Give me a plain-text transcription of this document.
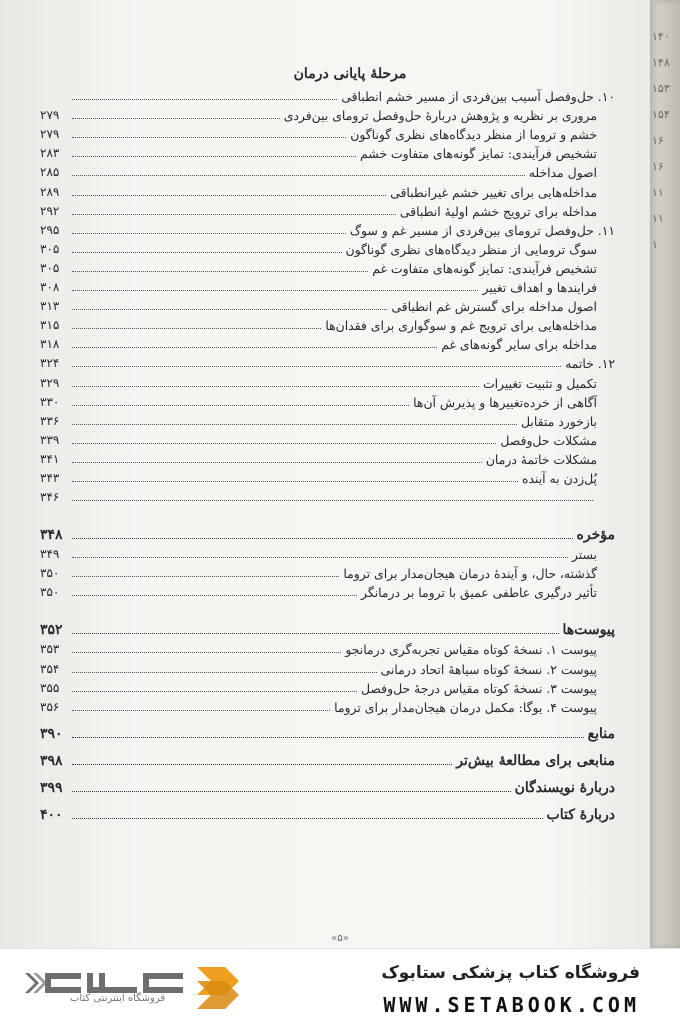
۱۴۰
۱۴۸
۱۵۳
۱۵۴
۱۶
۱۶
۱۱
۱۱
۱
مرحلهٔ پایانی درمان
۱۰. حل‌وفصل آسیب بین‌فردی از مسیر خشم انطباقی
مروری بر نظریه و پژوهش دربارهٔ حل‌وفصل ترومای بین‌فردی
۲۷۹
خشم و تروما از منظر دیدگاه‌های نظری گوناگون
۲۷۹
تشخیص فرآیندی: تمایز گونه‌های متفاوت خشم
۲۸۳
اصول مداخله
۲۸۵
مداخله‌هایی برای تغییر خشم غیرانطباقی
۲۸۹
مداخله برای ترویج خشم اولیهٔ انطباقی
۲۹۲
۱۱. حل‌وفصل ترومای بین‌فردی از مسیر غم و سوگ
۲۹۵
سوگ ترومایی از منظر دیدگاه‌های نظری گوناگون
۳۰۵
تشخیص فرآیندی: تمایز گونه‌های متفاوت غم
۳۰۵
فرایندها و اهداف تغییر
۳۰۸
اصول مداخله برای گسترش غم انطباقی
۳۱۳
مداخله‌هایی برای ترویج غم و سوگواری برای فقدان‌ها
۳۱۵
مداخله برای سایر گونه‌های غم
۳۱۸
۱۲. خاتمه
۳۲۴
تکمیل و تثبیت تغییرات
۳۲۹
آگاهی از خرده‌تغییرها و پذیرش آن‌ها
۳۳۰
بازخورد متقابل
۳۳۶
مشکلات حل‌وفصل
۳۳۹
مشکلات خاتمهٔ درمان
۳۴۱
پُل‌زدن به آینده
۳۴۳
۳۴۶
مؤخره
۳۴۸
بستر
۳۴۹
گذشته، حال، و آیندهٔ درمان هیجان‌مدار برای تروما
۳۵۰
تأثیر درگیری عاطفی عمیق با تروما بر درمانگر
۳۵۰
پیوست‌ها
۳۵۲
پیوست ۱. نسخهٔ کوتاه مقیاس تجربه‌گری درمانجو
۳۵۳
پیوست ۲. نسخهٔ کوتاه سیاههٔ اتحاد درمانی
۳۵۴
پیوست ۳. نسخهٔ کوتاه مقیاس درجهٔ حل‌وفصل
۳۵۵
پیوست ۴. یوگا: مکمل درمان هیجان‌مدار برای تروما
۳۵۶
منابع
۳۹۰
منابعی برای مطالعهٔ بیش‌تر
۳۹۸
دربارهٔ نویسندگان
۳۹۹
دربارهٔ کتاب
۴۰۰
«۵»
فروشگاه اینترنتی کتاب
فروشگاه کتاب پزشکی ستابوک
WWW.SETABOOK.COM
